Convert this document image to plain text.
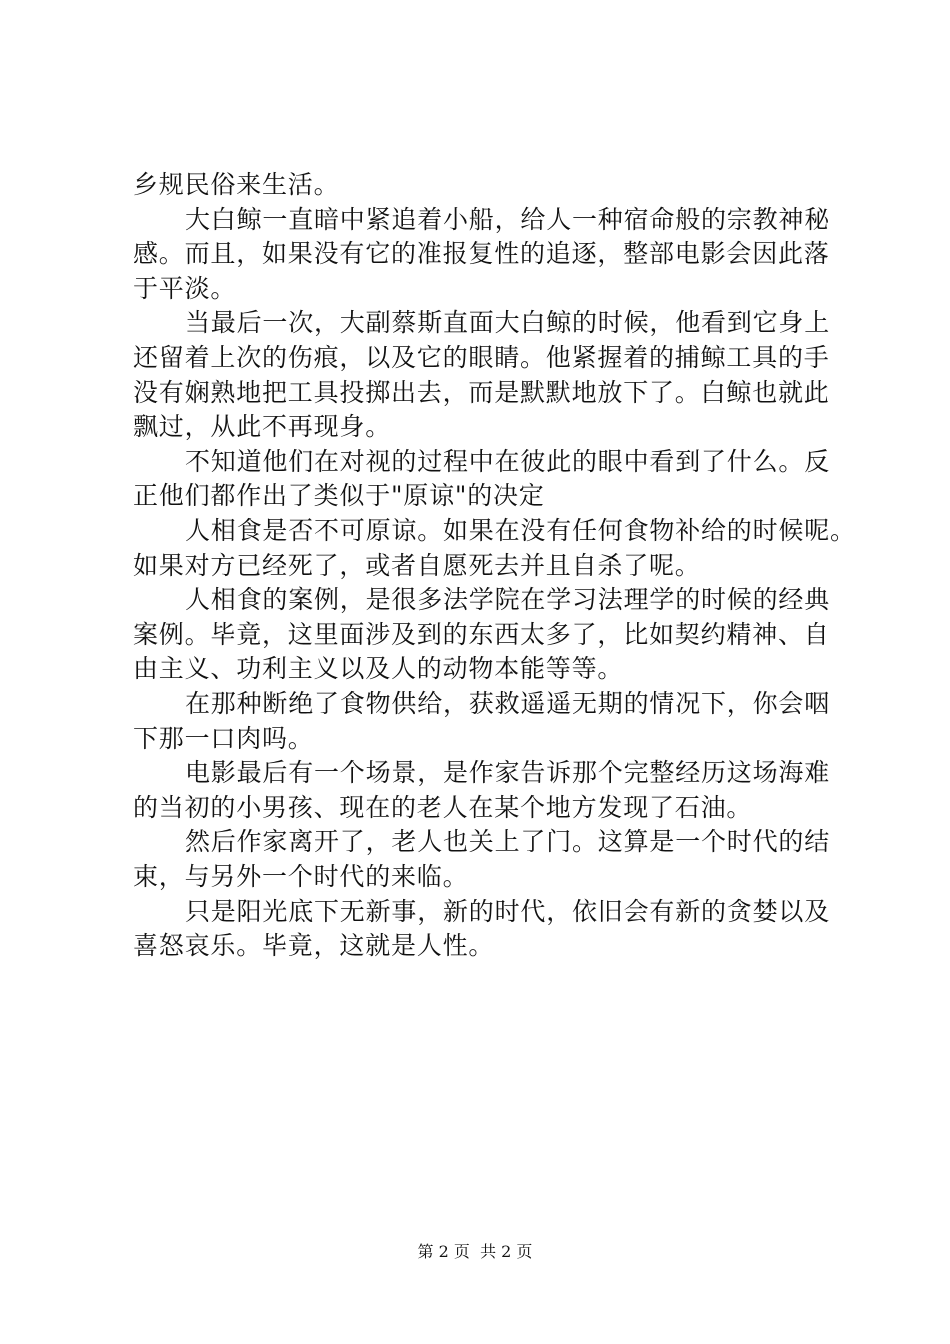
乡规民俗来生活。
大白鲸一直暗中紧追着小船，给人一种宿命般的宗教神秘
感。而且，如果没有它的准报复性的追逐，整部电影会因此落
于平淡。
当最后一次，大副蔡斯直面大白鲸的时候，他看到它身上
还留着上次的伤痕，以及它的眼睛。他紧握着的捕鲸工具的手
没有娴熟地把工具投掷出去，而是默默地放下了。白鲸也就此
飘过，从此不再现身。
不知道他们在对视的过程中在彼此的眼中看到了什么。反
正他们都作出了类似于"原谅"的决定
人相食是否不可原谅。如果在没有任何食物补给的时候呢。
如果对方已经死了，或者自愿死去并且自杀了呢。
人相食的案例，是很多法学院在学习法理学的时候的经典
案例。毕竟，这里面涉及到的东西太多了，比如契约精神、自
由主义、功利主义以及人的动物本能等等。
在那种断绝了食物供给，获救遥遥无期的情况下，你会咽
下那一口肉吗。
电影最后有一个场景，是作家告诉那个完整经历这场海难
的当初的小男孩、现在的老人在某个地方发现了石油。
然后作家离开了，老人也关上了门。这算是一个时代的结
束，与另外一个时代的来临。
只是阳光底下无新事，新的时代，依旧会有新的贪婪以及
喜怒哀乐。毕竟，这就是人性。
第 2 页  共 2 页
